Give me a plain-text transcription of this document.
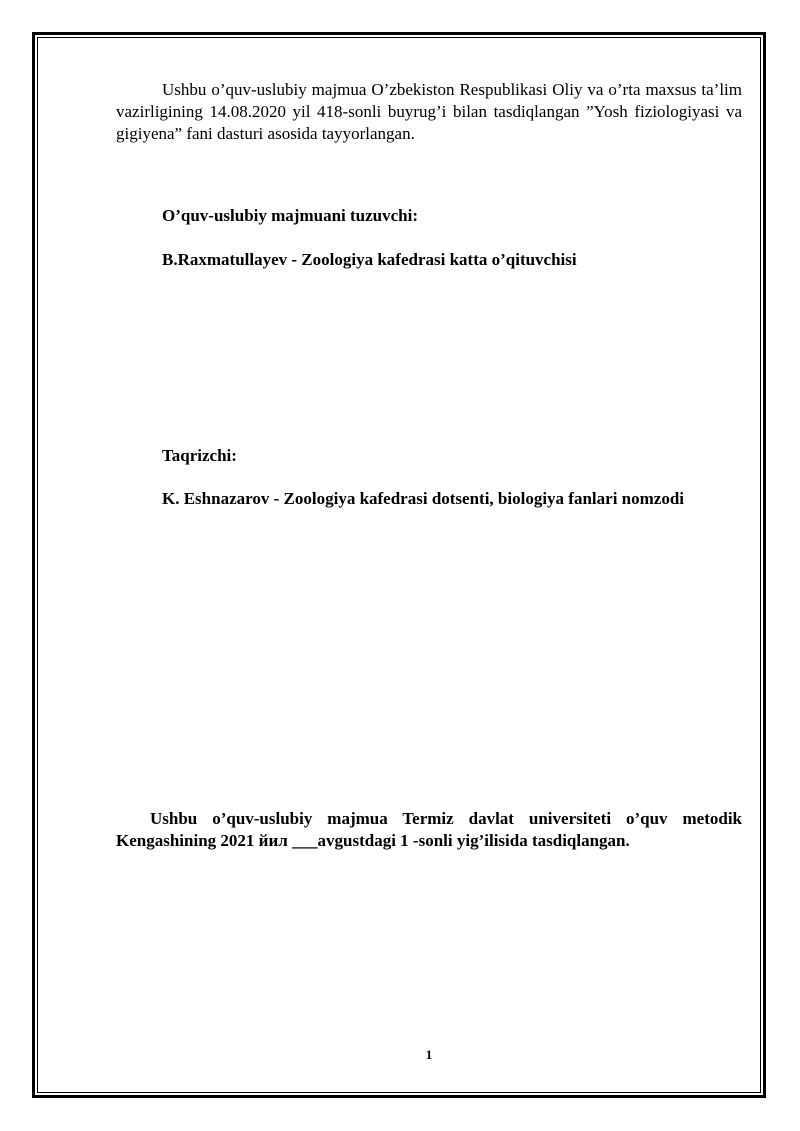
Ushbu o’quv-uslubiy majmua O’zbekiston Respublikasi Oliy va o’rta maxsus ta’lim vazirligining 14.08.2020 yil 418-sonli buyrug’i bilan tasdiqlangan ”Yosh fiziologiyasi va gigiyena” fani dasturi asosida tayyorlangan.

O’quv-uslubiy majmuani tuzuvchi:

B.Raxmatullayev - Zoologiya kafedrasi katta o’qituvchisi

Taqrizchi:

K. Eshnazarov - Zoologiya kafedrasi dotsenti, biologiya fanlari nomzodi

Ushbu o’quv-uslubiy majmua Termiz davlat universiteti o’quv metodik Kengashining 2021 йил ___avgustdagi 1 -sonli yig’ilisida tasdiqlangan.

1
